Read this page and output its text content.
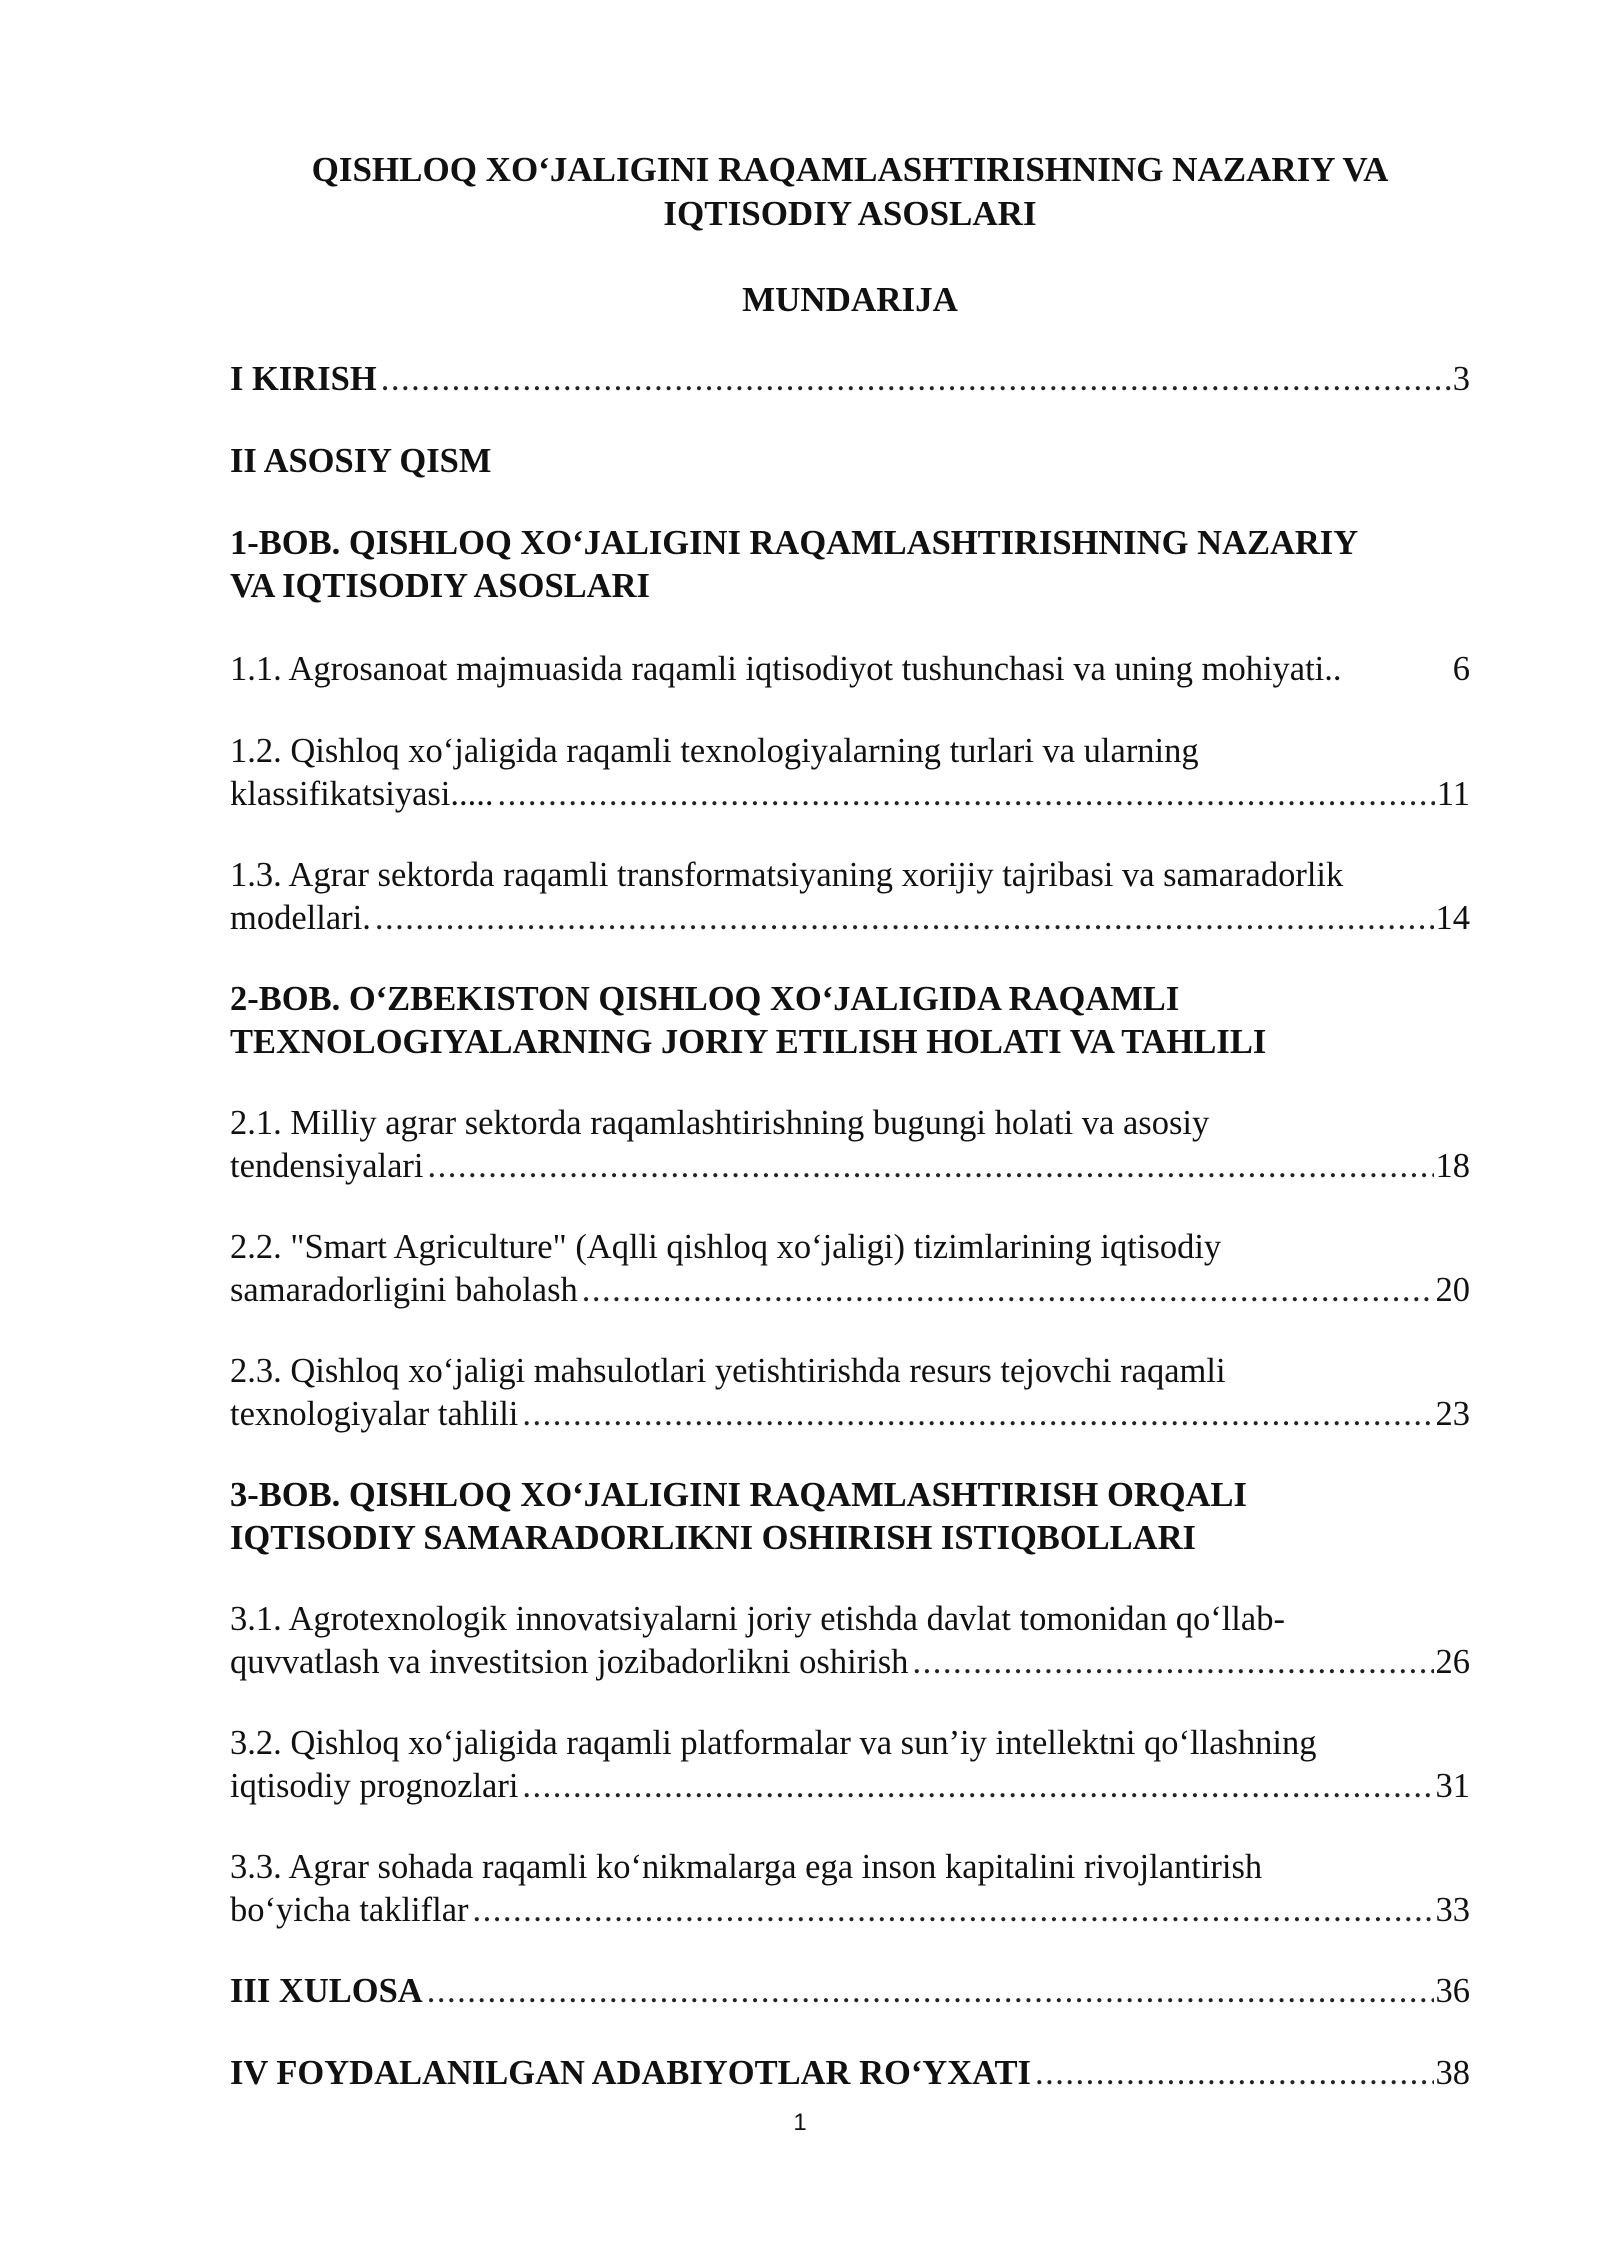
QISHLOQ XO‘JALIGINI RAQAMLASHTIRISHNING NAZARIY VA
IQTISODIY ASOSLARI
MUNDARIJA
I KIRISH .....	3
II ASOSIY QISM
1-BOB. QISHLOQ XO‘JALIGINI RAQAMLASHTIRISHNING NAZARIY
VA IQTISODIY ASOSLARI
1.1. Agrosanoat majmuasida raqamli iqtisodiyot tushunchasi va uning mohiyati..	6
1.2. Qishloq xo‘jaligida raqamli texnologiyalarning turlari va ularning
klassifikatsiyasi..... .....	11
1.3. Agrar sektorda raqamli transformatsiyaning xorijiy tajribasi va samaradorlik
modellari. .....	14
2-BOB. O‘ZBEKISTON QISHLOQ XO‘JALIGIDA RAQAMLI
TEXNOLOGIYALARNING JORIY ETILISH HOLATI VA TAHLILI
2.1. Milliy agrar sektorda raqamlashtirishning bugungi holati va asosiy
tendensiyalari .....	18
2.2. "Smart Agriculture" (Aqlli qishloq xo‘jaligi) tizimlarining iqtisodiy
samaradorligini baholash .....	20
2.3. Qishloq xo‘jaligi mahsulotlari yetishtirishda resurs tejovchi raqamli
texnologiyalar tahlili .....	23
3-BOB. QISHLOQ XO‘JALIGINI RAQAMLASHTIRISH ORQALI
IQTISODIY SAMARADORLIKNI OSHIRISH ISTIQBOLLARI
3.1. Agrotexnologik innovatsiyalarni joriy etishda davlat tomonidan qo‘llab-
quvvatlash va investitsion jozibadorlikni oshirish .....	26
3.2. Qishloq xo‘jaligida raqamli platformalar va sun’iy intellektni qo‘llashning
iqtisodiy prognozlari .....	31
3.3. Agrar sohada raqamli ko‘nikmalarga ega inson kapitalini rivojlantirish
bo‘yicha takliflar .....	33
III XULOSA .....	36
IV FOYDALANILGAN ADABIYOTLAR RO‘YXATI .....	38
1
